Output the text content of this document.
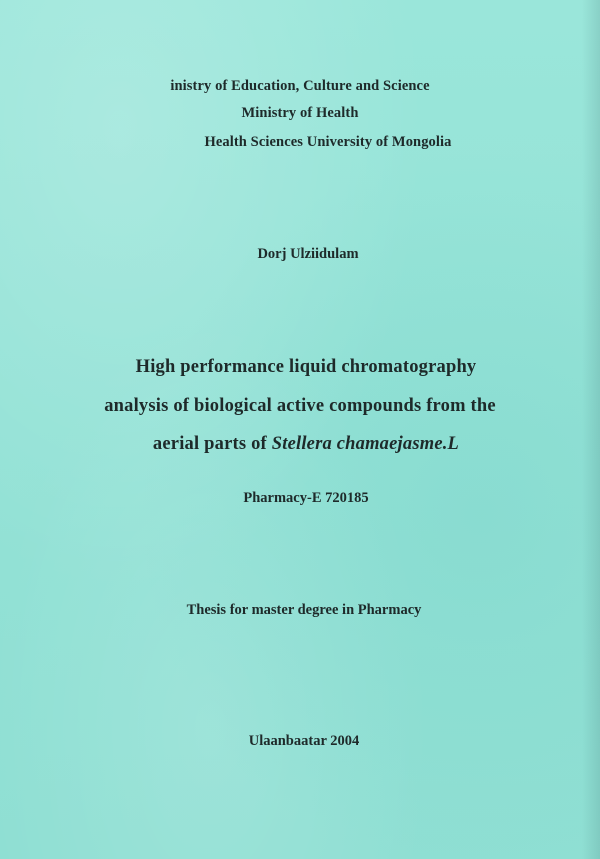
inistry of Education, Culture and Science
Ministry of Health
Health Sciences University of Mongolia
Dorj Ulziidulam
High performance liquid chromatography
analysis of biological active compounds from the
aerial parts of Stellera chamaejasme.L
Pharmacy-E 720185
Thesis for master degree in Pharmacy
Ulaanbaatar 2004
